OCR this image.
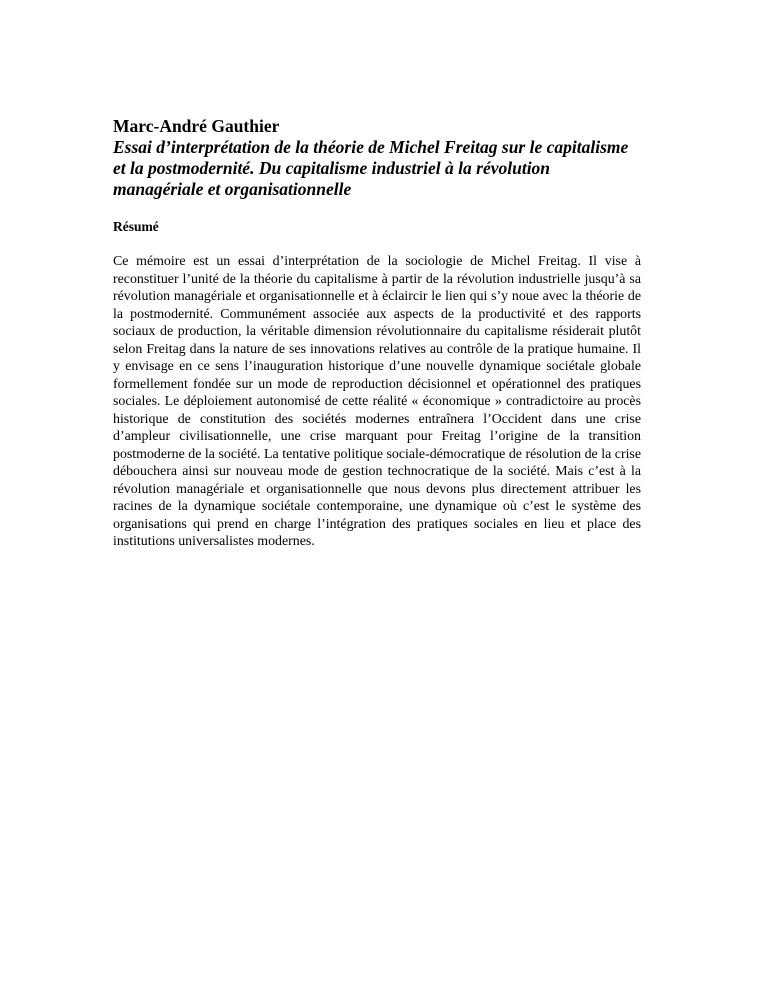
Marc-André Gauthier

Essai d’interprétation de la théorie de Michel Freitag sur le capitalisme et la postmodernité. Du capitalisme industriel à la révolution managériale et organisationnelle

Résumé

Ce mémoire est un essai d’interprétation de la sociologie de Michel Freitag. Il vise à reconstituer l’unité de la théorie du capitalisme à partir de la révolution industrielle jusqu’à sa révolution managériale et organisationnelle et à éclaircir le lien qui s’y noue avec la théorie de la postmodernité. Communément associée aux aspects de la productivité et des rapports sociaux de production, la véritable dimension révolutionnaire du capitalisme résiderait plutôt selon Freitag dans la nature de ses innovations relatives au contrôle de la pratique humaine. Il y envisage en ce sens l’inauguration historique d’une nouvelle dynamique sociétale globale formellement fondée sur un mode de reproduction décisionnel et opérationnel des pratiques sociales. Le déploiement autonomisé de cette réalité « économique » contradictoire au procès historique de constitution des sociétés modernes entraînera l’Occident dans une crise d’ampleur civilisationnelle, une crise marquant pour Freitag l’origine de la transition postmoderne de la société. La tentative politique sociale-démocratique de résolution de la crise débouchera ainsi sur nouveau mode de gestion technocratique de la société. Mais c’est à la révolution managériale et organisationnelle que nous devons plus directement attribuer les racines de la dynamique sociétale contemporaine, une dynamique où c’est le système des organisations qui prend en charge l’intégration des pratiques sociales en lieu et place des institutions universalistes modernes.
